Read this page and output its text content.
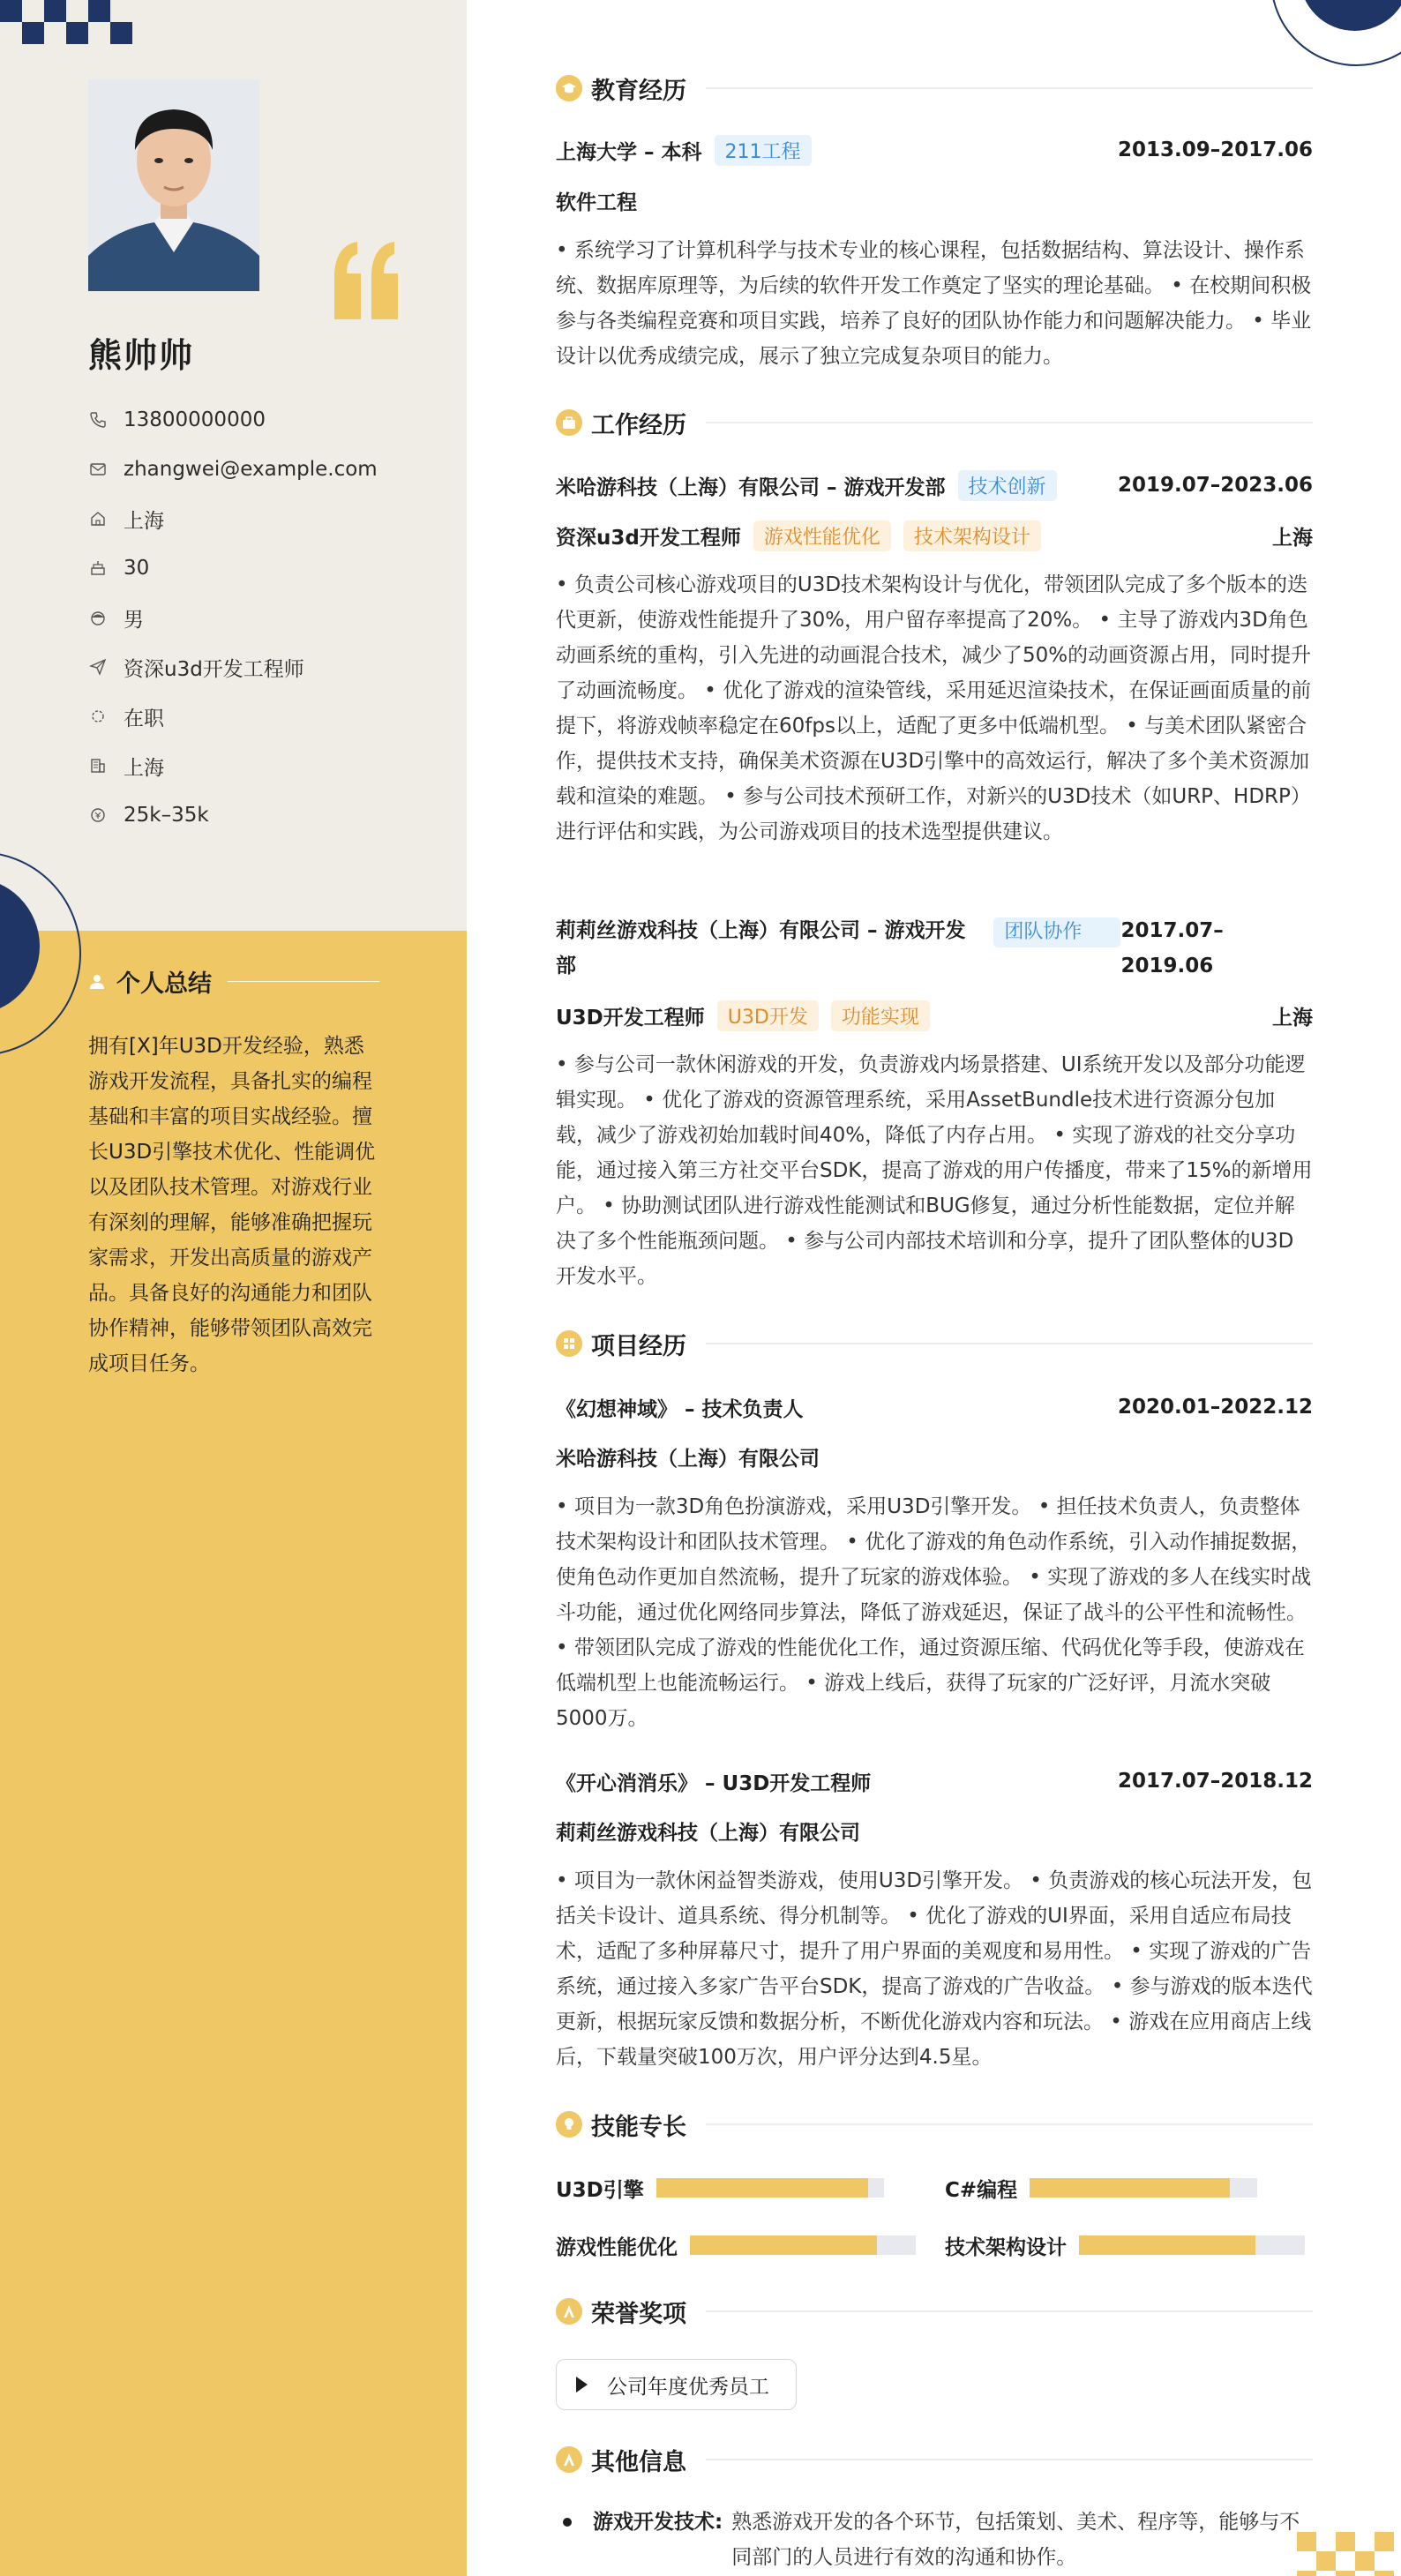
熊帅帅
13800000000
zhangwei@example.com
上海
30
男
资深u3d开发工程师
在职
上海
25k–35k
个人总结
拥有[X]年U3D开发经验，熟悉游戏开发流程，具备扎实的编程基础和丰富的项目实战经验。擅长U3D引擎技术优化、性能调优以及团队技术管理。对游戏行业有深刻的理解，能够准确把握玩家需求，开发出高质量的游戏产品。具备良好的沟通能力和团队协作精神，能够带领团队高效完成项目任务。
教育经历
上海大学 – 本科	211工程	2013.09–2017.06
软件工程
• 系统学习了计算机科学与技术专业的核心课程，包括数据结构、算法设计、操作系统、数据库原理等，为后续的软件开发工作奠定了坚实的理论基础。 • 在校期间积极参与各类编程竞赛和项目实践，培养了良好的团队协作能力和问题解决能力。 • 毕业设计以优秀成绩完成，展示了独立完成复杂项目的能力。
工作经历
米哈游科技（上海）有限公司 – 游戏开发部	技术创新	2019.07–2023.06
资深u3d开发工程师	游戏性能优化	技术架构设计	上海
• 负责公司核心游戏项目的U3D技术架构设计与优化，带领团队完成了多个版本的迭代更新，使游戏性能提升了30%，用户留存率提高了20%。 • 主导了游戏内3D角色动画系统的重构，引入先进的动画混合技术，减少了50%的动画资源占用，同时提升了动画流畅度。 • 优化了游戏的渲染管线，采用延迟渲染技术，在保证画面质量的前提下，将游戏帧率稳定在60fps以上，适配了更多中低端机型。 • 与美术团队紧密合作，提供技术支持，确保美术资源在U3D引擎中的高效运行，解决了多个美术资源加载和渲染的难题。 • 参与公司技术预研工作，对新兴的U3D技术（如URP、HDRP）进行评估和实践，为公司游戏项目的技术选型提供建议。
莉莉丝游戏科技（上海）有限公司 – 游戏开发部
团队协作	2017.07–2019.06
U3D开发工程师	U3D开发	功能实现	上海
• 参与公司一款休闲游戏的开发，负责游戏内场景搭建、UI系统开发以及部分功能逻辑实现。 • 优化了游戏的资源管理系统，采用AssetBundle技术进行资源分包加载，减少了游戏初始加载时间40%，降低了内存占用。 • 实现了游戏的社交分享功能，通过接入第三方社交平台SDK，提高了游戏的用户传播度，带来了15%的新增用户。 • 协助测试团队进行游戏性能测试和BUG修复，通过分析性能数据，定位并解决了多个性能瓶颈问题。 • 参与公司内部技术培训和分享，提升了团队整体的U3D开发水平。
项目经历
《幻想神域》 – 技术负责人	2020.01–2022.12
米哈游科技（上海）有限公司
• 项目为一款3D角色扮演游戏，采用U3D引擎开发。 • 担任技术负责人，负责整体技术架构设计和团队技术管理。 • 优化了游戏的角色动作系统，引入动作捕捉数据，使角色动作更加自然流畅，提升了玩家的游戏体验。 • 实现了游戏的多人在线实时战斗功能，通过优化网络同步算法，降低了游戏延迟，保证了战斗的公平性和流畅性。 • 带领团队完成了游戏的性能优化工作，通过资源压缩、代码优化等手段，使游戏在低端机型上也能流畅运行。 • 游戏上线后，获得了玩家的广泛好评，月流水突破5000万。
《开心消消乐》 – U3D开发工程师	2017.07–2018.12
莉莉丝游戏科技（上海）有限公司
• 项目为一款休闲益智类游戏，使用U3D引擎开发。 • 负责游戏的核心玩法开发，包括关卡设计、道具系统、得分机制等。 • 优化了游戏的UI界面，采用自适应布局技术，适配了多种屏幕尺寸，提升了用户界面的美观度和易用性。 • 实现了游戏的广告系统，通过接入多家广告平台SDK，提高了游戏的广告收益。 • 参与游戏的版本迭代更新，根据玩家反馈和数据分析，不断优化游戏内容和玩法。 • 游戏在应用商店上线后，下载量突破100万次，用户评分达到4.5星。
技能专长
U3D引擎	C#编程
游戏性能优化	技术架构设计
荣誉奖项
公司年度优秀员工
其他信息
游戏开发技术: 熟悉游戏开发的各个环节，包括策划、美术、程序等，能够与不同部门的人员进行有效的沟通和协作。
